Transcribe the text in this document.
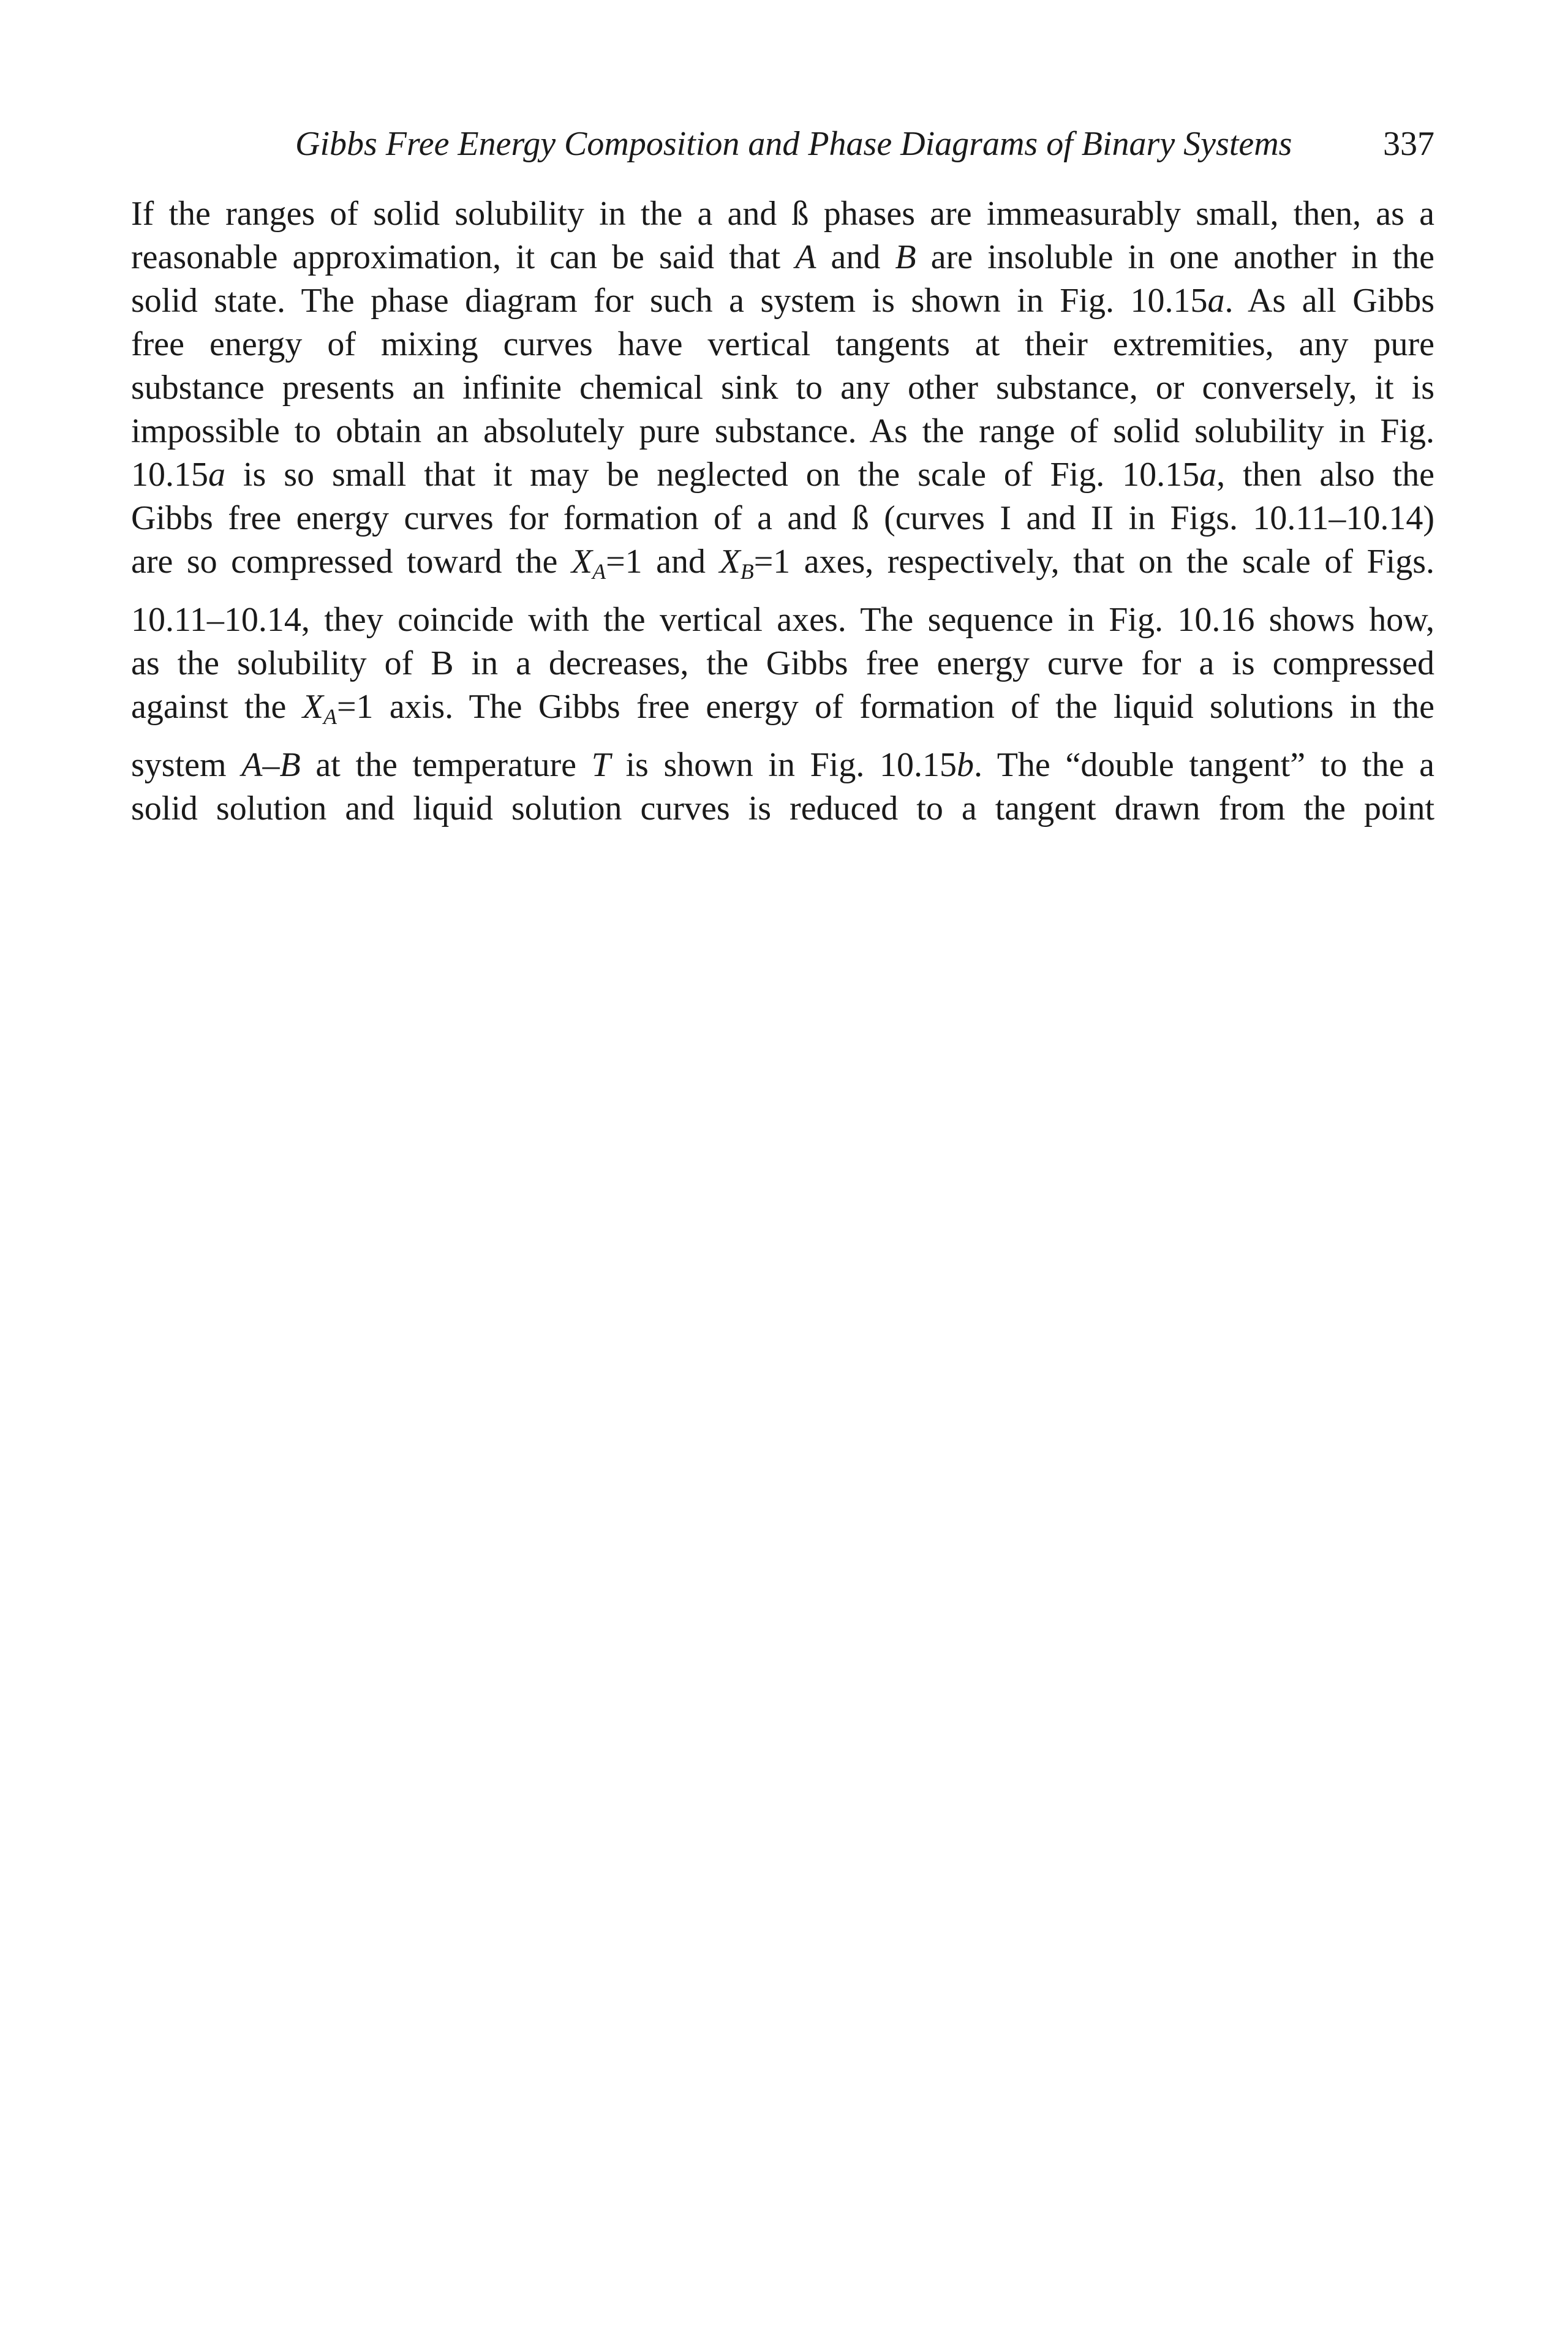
Gibbs Free Energy Composition and Phase Diagrams of Binary Systems	337
If the ranges of solid solubility in the a and ß phases are immeasurably small, then, as a
reasonable approximation, it can be said that A and B are insoluble in one another in the
solid state. The phase diagram for such a system is shown in Fig. 10.15a. As all Gibbs
free energy of mixing curves have vertical tangents at their extremities, any pure
substance presents an infinite chemical sink to any other substance, or conversely, it is
impossible to obtain an absolutely pure substance. As the range of solid solubility in Fig.
10.15a is so small that it may be neglected on the scale of Fig. 10.15a, then also the
Gibbs free energy curves for formation of a and ß (curves I and II in Figs. 10.11–10.14)
are so compressed toward the $X_A=1$ and $X_B=1$ axes, respectively, that on the scale of Figs.
10.11–10.14, they coincide with the vertical axes. The sequence in Fig. 10.16 shows how,
as the solubility of B in a decreases, the Gibbs free energy curve for a is compressed
against the $X_A=1$ axis. The Gibbs free energy of formation of the liquid solutions in the
system A–B at the temperature T is shown in Fig. 10.15b. The “double tangent” to the a
solid solution and liquid solution curves is reduced to a tangent drawn from the point
